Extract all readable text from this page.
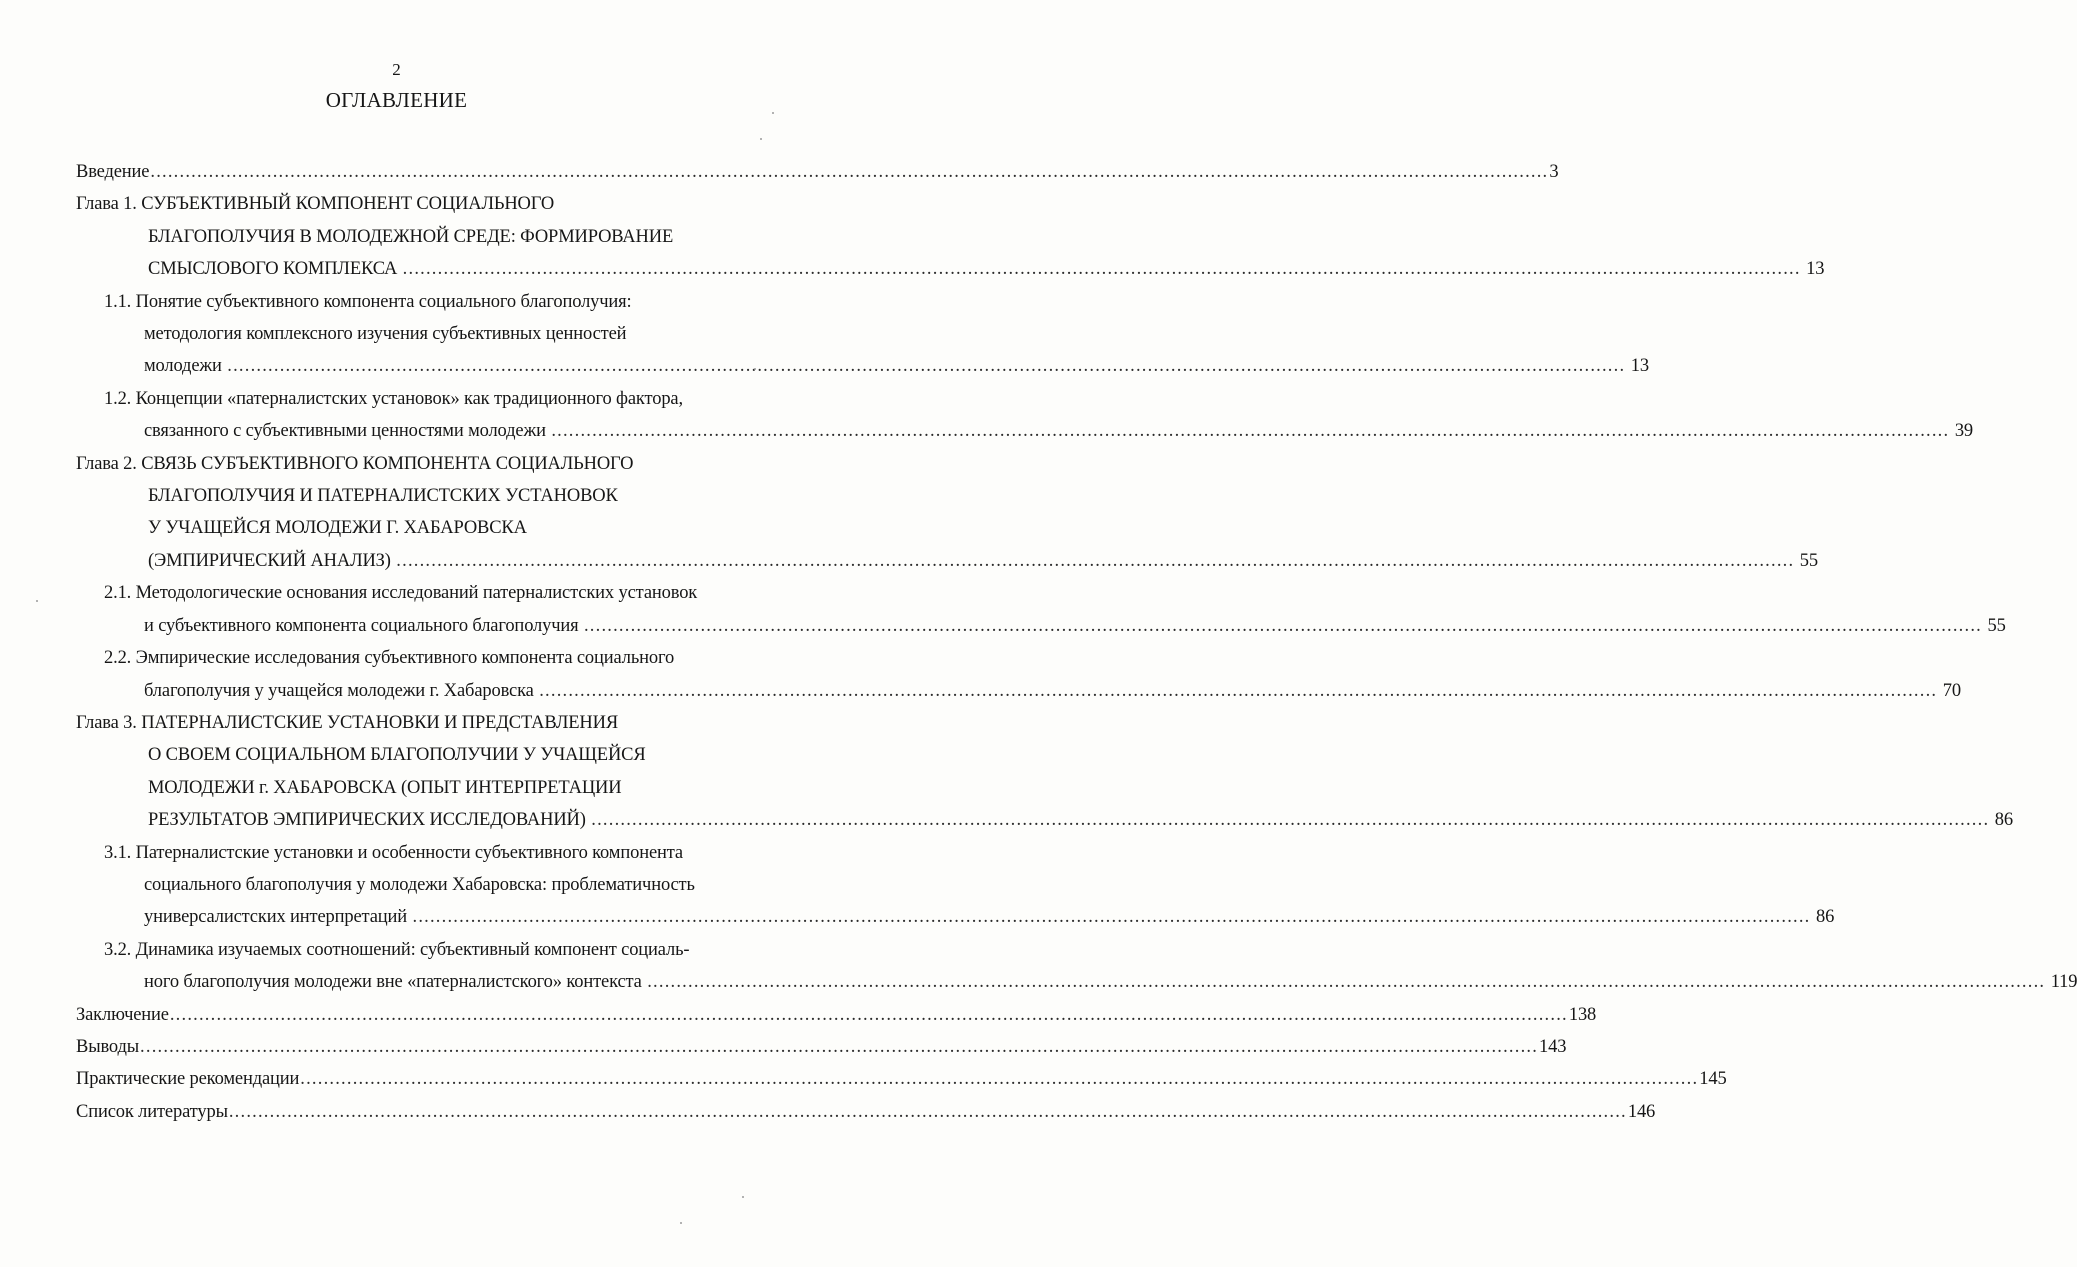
2
ОГЛАВЛЕНИЕ
Введение .....	3
Глава 1. СУБЪЕКТИВНЫЙ КОМПОНЕНТ СОЦИАЛЬНОГО
БЛАГОПОЛУЧИЯ В МОЛОДЕЖНОЙ СРЕДЕ: ФОРМИРОВАНИЕ
СМЫСЛОВОГО КОМПЛЕКСА .....	13
1.1. Понятие субъективного компонента социального благополучия:
методология комплексного изучения субъективных ценностей
молодежи .....	13
1.2. Концепции «патерналистских установок» как традиционного фактора,
связанного с субъективными ценностями молодежи .....	39
Глава 2. СВЯЗЬ СУБЪЕКТИВНОГО КОМПОНЕНТА СОЦИАЛЬНОГО
БЛАГОПОЛУЧИЯ И ПАТЕРНАЛИСТСКИХ УСТАНОВОК
У УЧАЩЕЙСЯ МОЛОДЕЖИ Г. ХАБАРОВСКА
(ЭМПИРИЧЕСКИЙ АНАЛИЗ) .....	55
2.1. Методологические основания исследований патерналистских установок
и субъективного компонента социального благополучия .....	55
2.2. Эмпирические исследования субъективного компонента социального
благополучия у учащейся молодежи г. Хабаровска .....	70
Глава 3. ПАТЕРНАЛИСТСКИЕ УСТАНОВКИ И ПРЕДСТАВЛЕНИЯ
О СВОЕМ СОЦИАЛЬНОМ БЛАГОПОЛУЧИИ У УЧАЩЕЙСЯ
МОЛОДЕЖИ г. ХАБАРОВСКА (ОПЫТ ИНТЕРПРЕТАЦИИ
РЕЗУЛЬТАТОВ ЭМПИРИЧЕСКИХ ИССЛЕДОВАНИЙ) .....	86
3.1. Патерналистские установки и особенности субъективного компонента
социального благополучия у молодежи Хабаровска: проблематичность
универсалистских интерпретаций .....	86
3.2. Динамика изучаемых соотношений: субъективный компонент социаль-
ного благополучия молодежи вне «патерналистского» контекста .....	119
Заключение .....	138
Выводы .....	143
Практические рекомендации .....	145
Список литературы .....	146
